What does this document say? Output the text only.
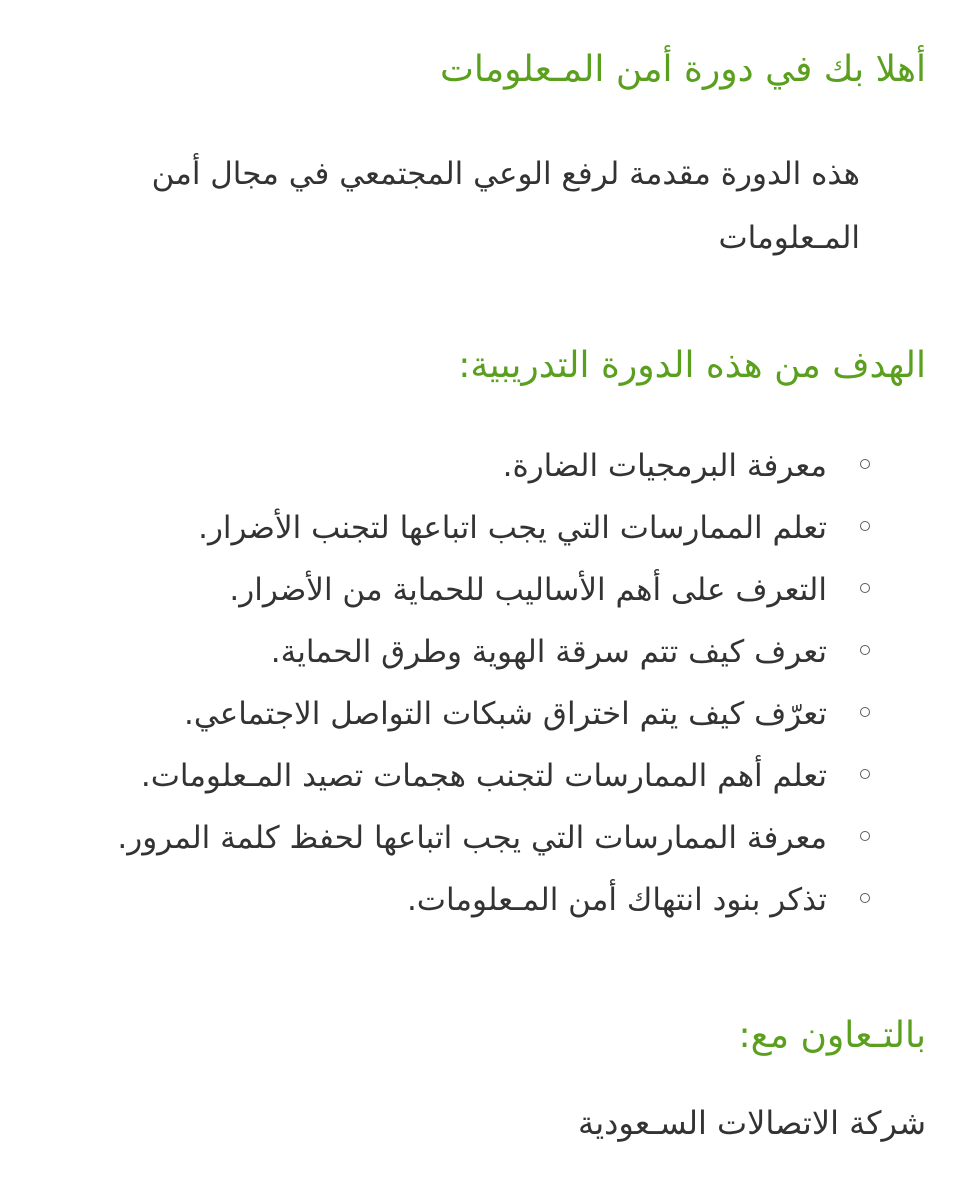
أهلا بك في دورة أمن المـعلومات

هذه الدورة مقدمة لرفع الوعي المجتمعي في مجال أمن المـعلومات

الهدف من هذه الدورة التدريبية:
معرفة البرمجيات الضارة.
تعلم الممارسات التي يجب اتباعها لتجنب الأضرار.
التعرف على أهم الأساليب للحماية من الأضرار.
تعرف كيف تتم سرقة الهوية وطرق الحماية.
تعرّف كيف يتم اختراق شبكات التواصل الاجتماعي.
تعلم أهم الممارسات لتجنب هجمات تصيد المـعلومات.
معرفة الممارسات التي يجب اتباعها لحفظ كلمة المرور.
تذكر بنود انتهاك أمن المـعلومات.
بالتـعاون مع:

شركة الاتصالات السـعودية
